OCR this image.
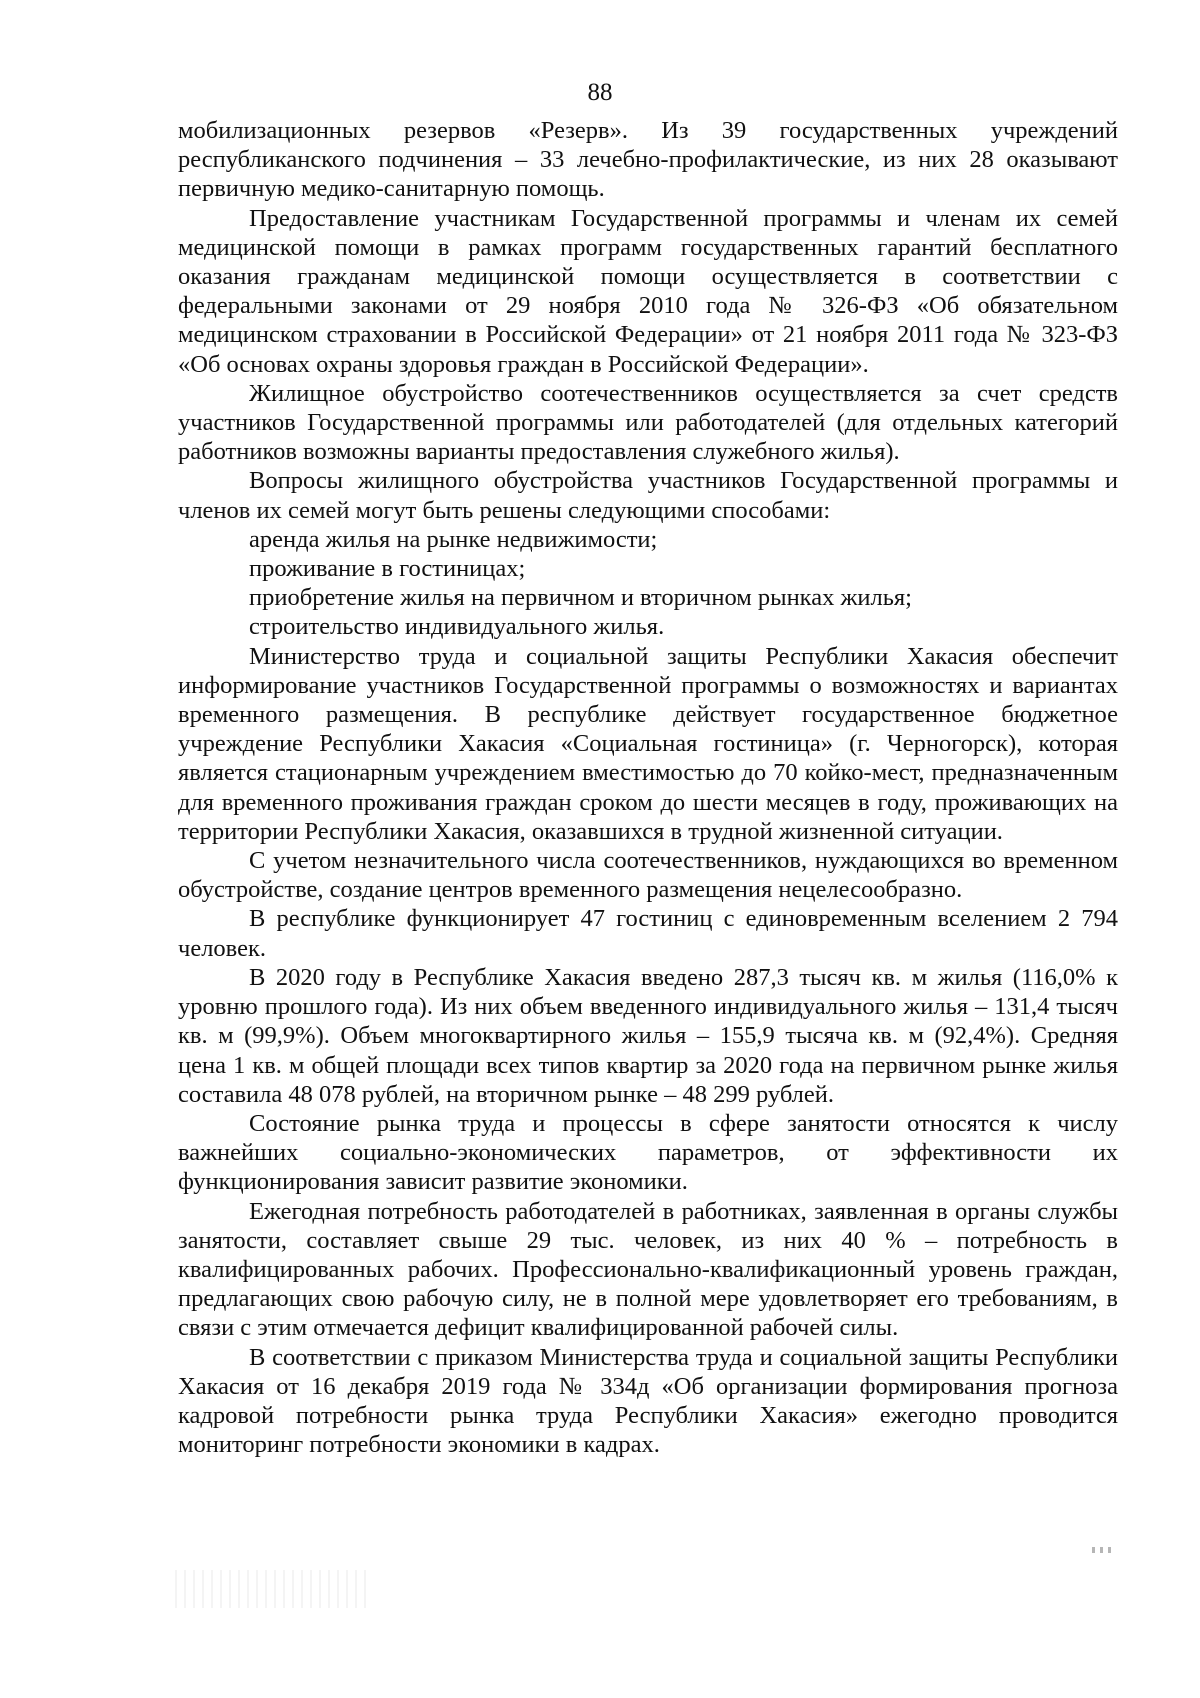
88

мобилизационных резервов «Резерв». Из 39 государственных учреждений республиканского подчинения – 33 лечебно-профилактические, из них 28 оказывают первичную медико-санитарную помощь.

Предоставление участникам Государственной программы и членам их семей медицинской помощи в рамках программ государственных гарантий бесплатного оказания гражданам медицинской помощи осуществляется в соответствии с федеральными законами от 29 ноября 2010 года № 326-ФЗ «Об обязательном медицинском страховании в Российской Федерации» от 21 ноября 2011 года № 323-ФЗ «Об основах охраны здоровья граждан в Российской Федерации».

Жилищное обустройство соотечественников осуществляется за счет средств участников Государственной программы или работодателей (для отдельных категорий работников возможны варианты предоставления служебного жилья).

Вопросы жилищного обустройства участников Государственной программы и членов их семей могут быть решены следующими способами:

аренда жилья на рынке недвижимости;

проживание в гостиницах;

приобретение жилья на первичном и вторичном рынках жилья;

строительство индивидуального жилья.

Министерство труда и социальной защиты Республики Хакасия обеспечит информирование участников Государственной программы о возможностях и вариантах временного размещения. В республике действует государственное бюджетное учреждение Республики Хакасия «Социальная гостиница» (г. Черногорск), которая является стационарным учреждением вместимостью до 70 койко-мест, предназначенным для временного проживания граждан сроком до шести месяцев в году, проживающих на территории Республики Хакасия, оказавшихся в трудной жизненной ситуации.

С учетом незначительного числа соотечественников, нуждающихся во временном обустройстве, создание центров временного размещения нецелесообразно.

В республике функционирует 47 гостиниц с единовременным вселением 2 794 человек.

В 2020 году в Республике Хакасия введено 287,3 тысяч кв. м жилья (116,0% к уровню прошлого года). Из них объем введенного индивидуального жилья – 131,4 тысяч кв. м (99,9%). Объем многоквартирного жилья – 155,9 тысяча кв. м (92,4%). Средняя цена 1 кв. м общей площади всех типов квартир за 2020 года на первичном рынке жилья составила 48 078 рублей, на вторичном рынке – 48 299 рублей.

Состояние рынка труда и процессы в сфере занятости относятся к числу важнейших социально-экономических параметров, от эффективности их функционирования зависит развитие экономики.

Ежегодная потребность работодателей в работниках, заявленная в органы службы занятости, составляет свыше 29 тыс. человек, из них 40 % – потребность в квалифицированных рабочих. Профессионально-квалификационный уровень граждан, предлагающих свою рабочую силу, не в полной мере удовлетворяет его требованиям, в связи с этим отмечается дефицит квалифицированной рабочей силы.

В соответствии с приказом Министерства труда и социальной защиты Республики Хакасия от 16 декабря 2019 года № 334д «Об организации формирования прогноза кадровой потребности рынка труда Республики Хакасия» ежегодно проводится мониторинг потребности экономики в кадрах.
